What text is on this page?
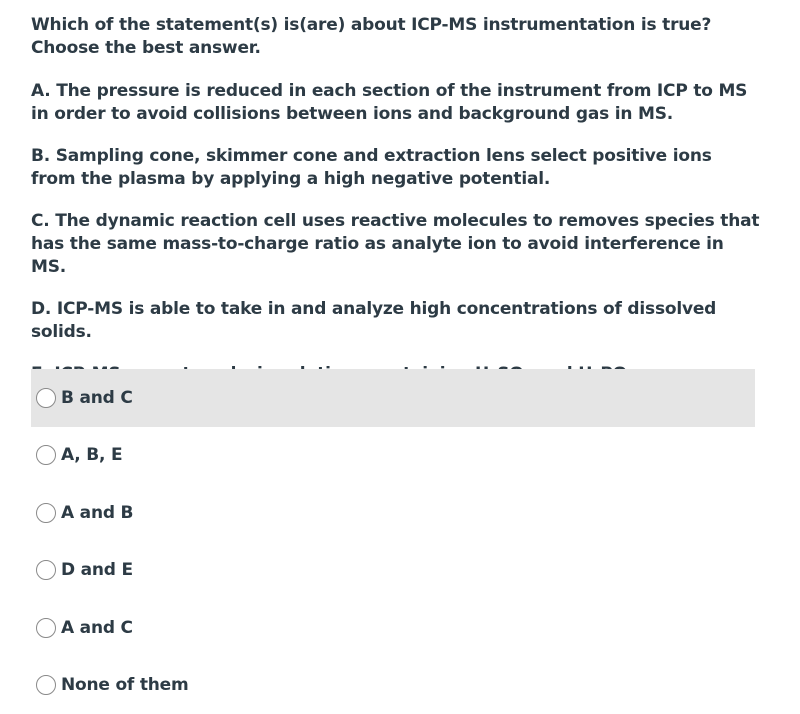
Which of the statement(s) is(are) about ICP-MS instrumentation is true? Choose the best answer.

A. The pressure is reduced in each section of the instrument from ICP to MS in order to avoid collisions between ions and background gas in MS.

B. Sampling cone, skimmer cone and extraction lens select positive ions from the plasma by applying a high negative potential.

C. The dynamic reaction cell uses reactive molecules to removes species that has the same mass-to-charge ratio as analyte ion to avoid interference in MS.

D. ICP-MS is able to take in and analyze high concentrations of dissolved solids.

B and C
A, B, E
A and B
D and E
A and C
None of them
